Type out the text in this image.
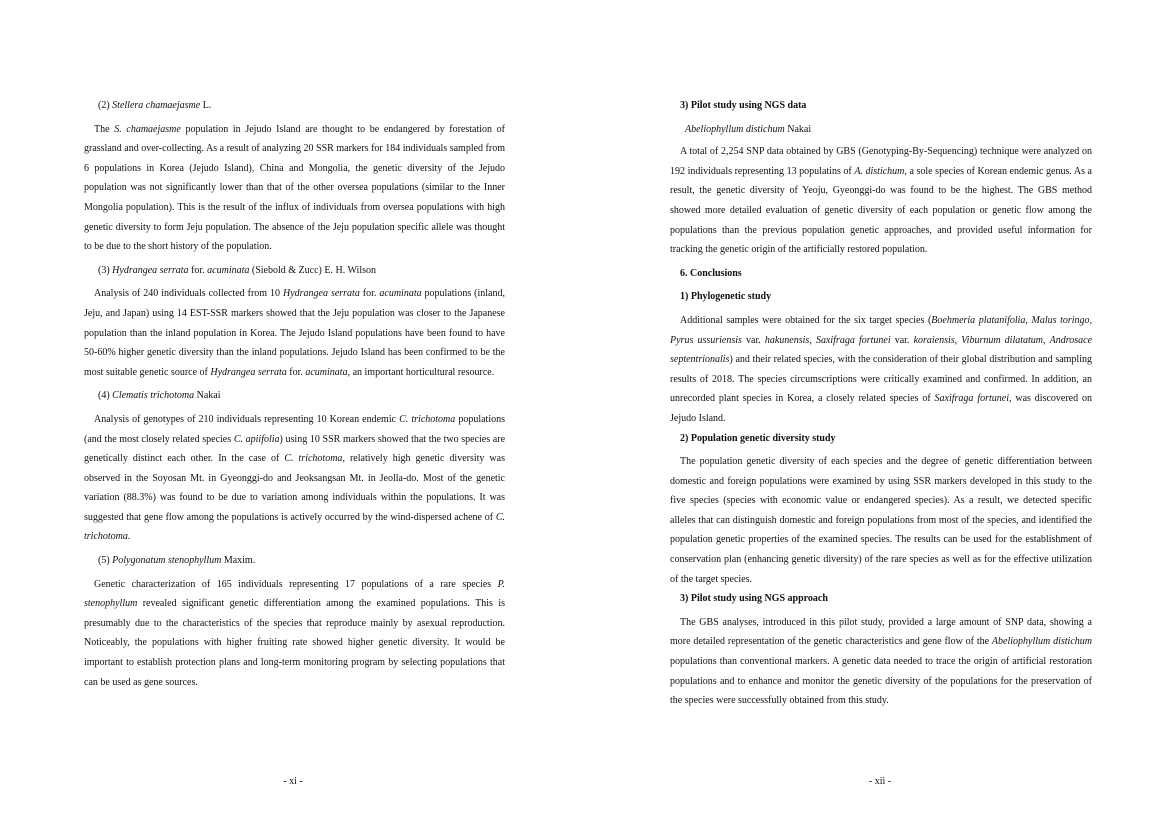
(2) Stellera chamaejasme L.

The S. chamaejasme population in Jejudo Island are thought to be endangered by forestation of grassland and over-collecting. As a result of analyzing 20 SSR markers for 184 individuals sampled from 6 populations in Korea (Jejudo Island), China and Mongolia, the genetic diversity of the Jejudo population was not significantly lower than that of the other oversea populations (similar to the Inner Mongolia population). This is the result of the influx of individuals from oversea populations with high genetic diversity to form Jeju population. The absence of the Jeju population specific allele was thought to be due to the short history of the population.

(3) Hydrangea serrata for. acuminata (Siebold & Zucc) E. H. Wilson

Analysis of 240 individuals collected from 10 Hydrangea serrata for. acuminata populations (inland, Jeju, and Japan) using 14 EST-SSR markers showed that the Jeju population was closer to the Japanese population than the inland population in Korea. The Jejudo Island populations have been found to have 50-60% higher genetic diversity than the inland populations. Jejudo Island has been confirmed to be the most suitable genetic source of Hydrangea serrata for. acuminata, an important horticultural resource.

(4) Clematis trichotoma Nakai

Analysis of genotypes of 210 individuals representing 10 Korean endemic C. trichotoma populations (and the most closely related species C. apiifolia) using 10 SSR markers showed that the two species are genetically distinct each other. In the case of C. trichotoma, relatively high genetic diversity was observed in the Soyosan Mt. in Gyeonggi-do and Jeoksangsan Mt. in Jeolla-do. Most of the genetic variation (88.3%) was found to be due to variation among individuals within the populations. It was suggested that gene flow among the populations is actively occurred by the wind-dispersed achene of C. trichotoma.

(5) Polygonatum stenophyllum Maxim.

Genetic characterization of 165 individuals representing 17 populations of a rare species P. stenophyllum revealed significant genetic differentiation among the examined populations. This is presumably due to the characteristics of the species that reproduce mainly by asexual reproduction. Noticeably, the populations with higher fruiting rate showed higher genetic diversity. It would be important to establish protection plans and long-term monitoring program by selecting populations that can be used as gene sources.

- xi -
3) Pilot study using NGS data
Abeliophyllum distichum Nakai

A total of 2,254 SNP data obtained by GBS (Genotyping-By-Sequencing) technique were analyzed on 192 individuals representing 13 populatins of A. distichum, a sole species of Korean endemic genus. As a result, the genetic diversity of Yeoju, Gyeonggi-do was found to be the highest. The GBS method showed more detailed evaluation of genetic diversity of each population or genetic flow among the populations than the previous population genetic approaches, and provided useful information for tracking the genetic origin of the artificially restored population.

6. Conclusions
1) Phylogenetic study

Additional samples were obtained for the six target species (Boehmeria platanifolia, Malus toringo, Pyrus ussuriensis var. hakunensis, Saxifraga fortunei var. koraiensis, Viburnum dilatatum, Androsace septentrionalis) and their related species, with the consideration of their global distribution and sampling results of 2018. The species circumscriptions were critically examined and confirmed. In addition, an unrecorded plant species in Korea, a closely related species of Saxifraga fortunei, was discovered on Jejudo Island.

2) Population genetic diversity study

The population genetic diversity of each species and the degree of genetic differentiation between domestic and foreign populations were examined by using SSR markers developed in this study to the five species (species with economic value or endangered species). As a result, we detected specific alleles that can distinguish domestic and foreign populations from most of the species, and identified the population genetic properties of the examined species. The results can be used for the establishment of conservation plan (enhancing genetic diversity) of the rare species as well as for the effective utilization of the target species.

3) Pilot study using NGS approach

The GBS analyses, introduced in this pilot study, provided a large amount of SNP data, showing a more detailed representation of the genetic characteristics and gene flow of the Abeliophyllum distichum populations than conventional markers. A genetic data needed to trace the origin of artificial restoration populations and to enhance and monitor the genetic diversity of the populations for the preservation of the species were successfully obtained from this study.

- xii -
